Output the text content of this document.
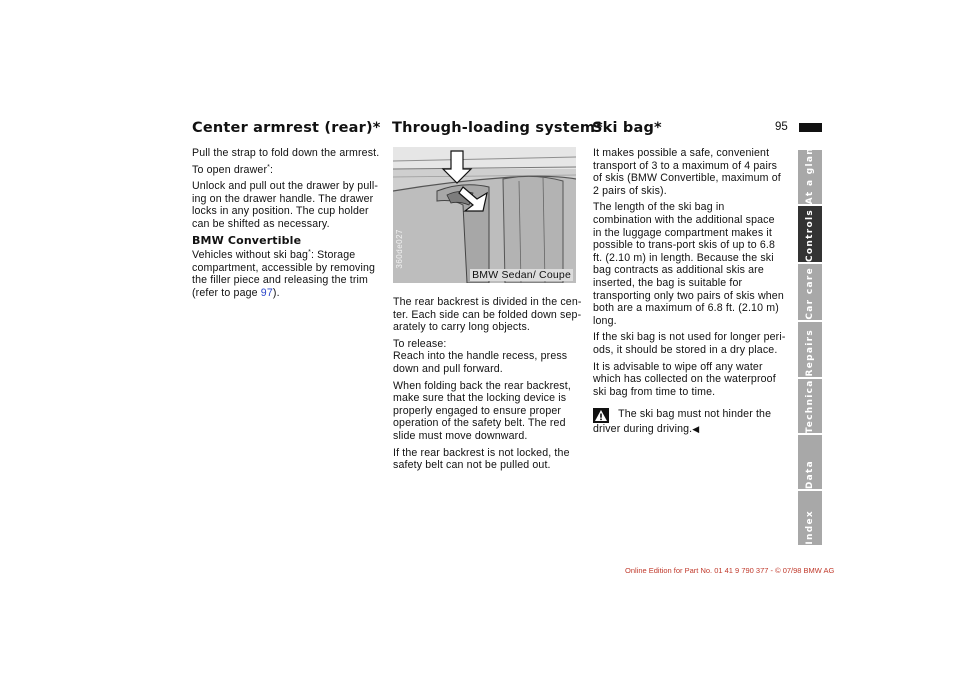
Center armrest (rear)* Through-loading system*
Ski bag*	95

Pull the strap to fold down the armrest.

To open drawer*:

Unlock and pull out the drawer by pull-ing on the drawer handle. The drawer locks in any position. The cup holder can be shifted as necessary.

BMW Convertible

Vehicles without ski bag*: Storage compartment, accessible by removing the filler piece and releasing the trim (refer to page 97).

360de027
BMW Sedan/ Coupe

The rear backrest is divided in the cen-ter. Each side can be folded down sep-arately to carry long objects.

To release:

Reach into the handle recess, press down and pull forward.

When folding back the rear backrest, make sure that the locking device is properly engaged to ensure proper operation of the safety belt. The red slide must move downward.

If the rear backrest is not locked, the safety belt can not be pulled out.

It makes possible a safe, convenient transport of 3 to a maximum of 4 pairs of skis (BMW Convertible, maximum of 2 pairs of skis).

The length of the ski bag in combination with the additional space in the luggage compartment makes it possible to trans-port skis of up to 6.8 ft. (2.10 m) in length. Because the ski bag contracts as additional skis are inserted, the bag is suitable for transporting only two pairs of skis when both are a maximum of 6.8 ft. (2.10 m) long.

If the ski bag is not used for longer peri-ods, it should be stored in a dry place.

It is advisable to wipe off any water which has collected on the waterproof ski bag from time to time.

The ski bag must not hinder the
driver during driving.◀
At a glance
Controls
Car care
Repairs
Technical
Data
Index
Online Edition for Part No. 01 41 9 790 377 - © 07/98 BMW AG
